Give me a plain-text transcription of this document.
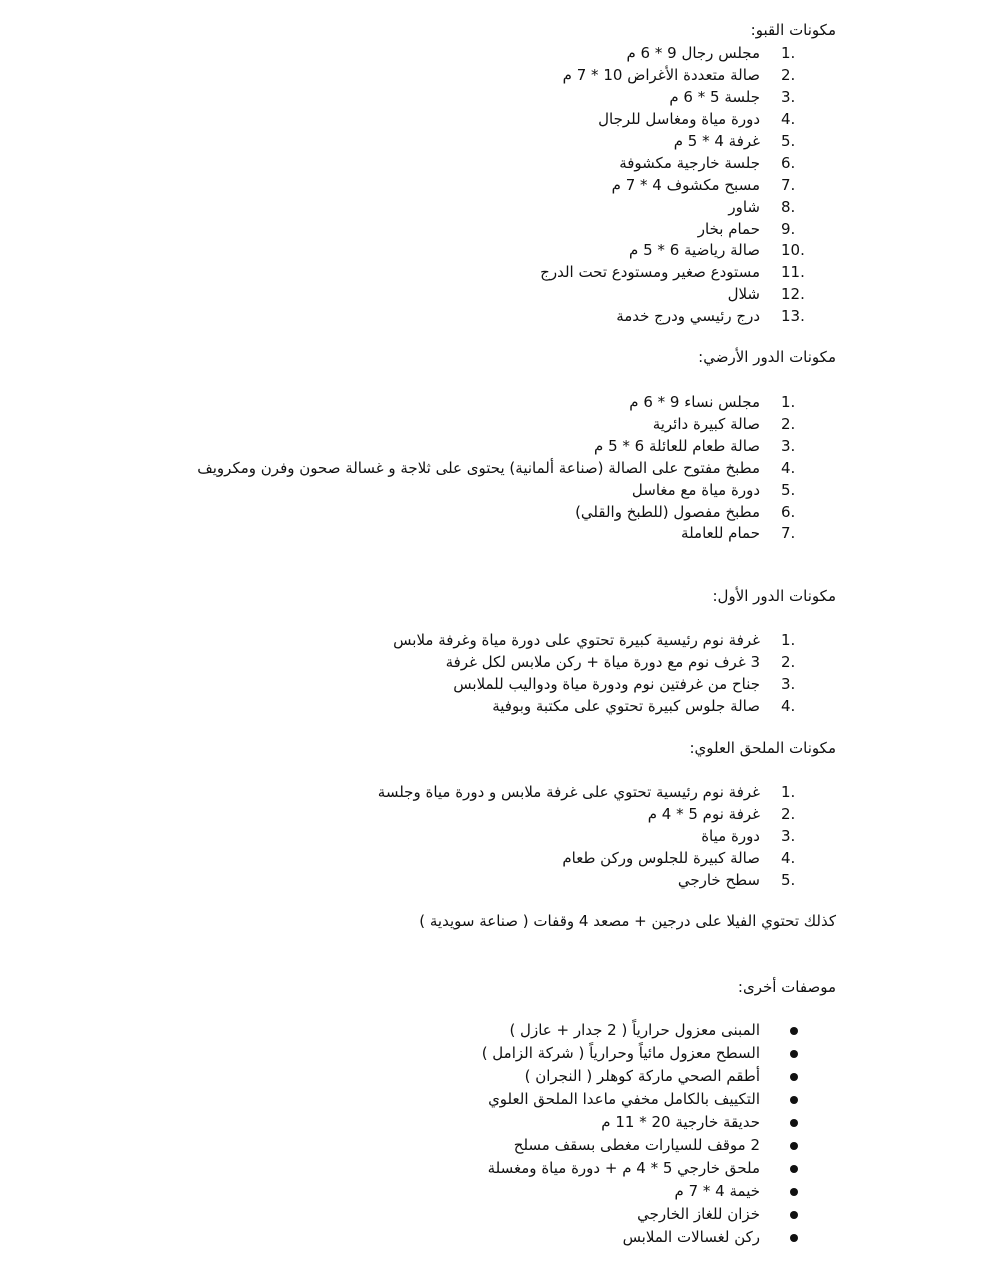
مكونات القبو:
1.
مجلس رجال 9 * 6 م
2.
صالة متعددة الأغراض 10 * 7 م
3.
جلسة 5 * 6 م
4.
دورة مياة ومغاسل للرجال
5.
غرفة 4 * 5 م
6.
جلسة خارجية مكشوفة
7.
مسبح مكشوف 4 * 7 م
8.
شاور
9.
حمام بخار
10.
صالة رياضية 6 * 5 م
11.
مستودع صغير ومستودع تحت الدرج
12.
شلال
13.
درج رئيسي ودرج خدمة
مكونات الدور الأرضي:
1.
مجلس نساء 9 * 6 م
2.
صالة كبيرة دائرية
3.
صالة طعام للعائلة 6 * 5 م
4.
مطبخ مفتوح على الصالة (صناعة ألمانية) يحتوى على ثلاجة و غسالة صحون وفرن ومكرويف
5.
دورة مياة مع مغاسل
6.
مطبخ مفصول (للطبخ والقلي)
7.
حمام للعاملة
مكونات الدور الأول:
1.
غرفة نوم رئيسية كبيرة تحتوي على دورة مياة وغرفة ملابس
2.
3 غرف نوم مع دورة مياة + ركن ملابس لكل غرفة
3.
جناح من غرفتين نوم ودورة مياة ودواليب للملابس
4.
صالة جلوس كبيرة تحتوي على مكتبة وبوفية
مكونات الملحق العلوي:
1.
غرفة نوم رئيسية تحتوي على غرفة ملابس و دورة مياة وجلسة
2.
غرفة نوم 5 * 4 م
3.
دورة مياة
4.
صالة كبيرة للجلوس وركن طعام
5.
سطح خارجي
كذلك تحتوي الفيلا على درجين + مصعد 4 وقفات ( صناعة سويدية )
موصفات أخرى:
المبنى معزول حرارياً ( 2 جدار + عازل )
السطح معزول مائياً وحرارياً ( شركة الزامل )
أطقم الصحي ماركة كوهلر ( النجران )
التكييف بالكامل مخفي ماعدا الملحق العلوي
حديقة خارجية 20 * 11 م
2 موقف للسيارات مغطى بسقف مسلح
ملحق خارجي 5 * 4 م + دورة مياة ومغسلة
خيمة 4 * 7 م
خزان للغاز الخارجي
ركن لغسالات الملابس
